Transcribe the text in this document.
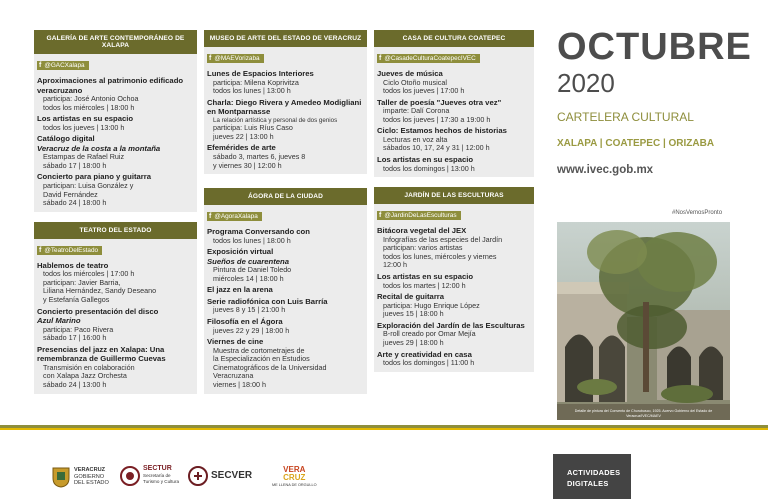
GALERÍA DE ARTE CONTEMPORÁNEO DE XALAPA
f @GACXalapa
Aproximaciones al patrimonio edificado veracruzano
participa: José Antonio Ochoa
todos los miércoles | 18:00 h
Los artistas en su espacio
todos los jueves | 13:00 h
Catálogo digital
Veracruz de la costa a la montaña
Estampas de Rafael Ruiz
sábado 17 | 18:00 h
Concierto para piano y guitarra
participan: Luisa González y
David Fernández
sábado 24 | 18:00 h
TEATRO DEL ESTADO
f @TeatroDelEstado
Hablemos de teatro
todos los miércoles | 17:00 h
participan: Javier Barria,
Liliana Hernández, Sandy Deseano
y Estefanía Gallegos
Concierto presentación del disco
Azul Marino
participa: Paco Rivera
sábado 17 | 16:00 h
Presencias del jazz en Xalapa: Una remembranza de Guillermo Cuevas
Transmisión en colaboración
con Xalapa Jazz Orchesta
sábado 24 | 13:00 h
MUSEO DE ARTE DEL ESTADO DE VERACRUZ
f @MAEVorizaba
Lunes de Espacios Interiores
participa: Milena Koprivitza
todos los lunes | 13:00 h
Charla: Diego Rivera y Amedeo Modigliani en Montparnasse
La relación artística y personal de dos genios
participa: Luis Ríus Caso
jueves 22 | 13:00 h
Efemérides de arte
sábado 3, martes 6, jueves 8
y viernes 30 | 12:00 h
ÁGORA DE LA CIUDAD
f @AgoraXalapa
Programa Conversando con
todos los lunes | 18:00 h
Exposición virtual
Sueños de cuarentena
Pintura de Daniel Toledo
miércoles 14 | 18:00 h
El jazz en la arena
Serie radiofónica con Luis Barría
jueves 8 y 15 | 21:00 h
Filosofía en el Ágora
jueves 22 y 29 | 18:00 h
Viernes de cine
Muestra de cortometrajes de
la Especialización en Estudios
Cinematográficos de la Universidad
Veracruzana
viernes | 18:00 h
CASA DE CULTURA COATEPEC
f @CasadeCulturaCoatepecIVEC
Jueves de música
Ciclo Otoño musical
todos los jueves | 17:00 h
Taller de poesía "Jueves otra vez"
imparte: Dalí Corona
todos los jueves | 17:30 a 19:00 h
Ciclo: Estamos hechos de historias
Lecturas en voz alta
sábados 10, 17, 24 y 31 | 12:00 h
Los artistas en su espacio
todos los domingos | 13:00 h
JARDÍN DE LAS ESCULTURAS
f @JardinDeLasEsculturas
Bitácora vegetal del JEX
Infografías de las especies del Jardín
participan: varios artistas
todos los lunes, miércoles y viernes
12:00 h
Los artistas en su espacio
todos los martes | 12:00 h
Recital de guitarra
participa: Hugo Enrique López
jueves 15 | 18:00 h
Exploración del Jardín de las Esculturas
B-roll creado por Omar Mejía
jueves 29 | 18:00 h
Arte y creatividad en casa
todos los domingos | 11:00 h
OCTUBRE
2020
CARTELERA CULTURAL
XALAPA | COATEPEC | ORIZABA
www.ivec.gob.mx
#NosVemosPronto
Detalle de pintura del Convento de Churubusco, 1925. Acervo Gobierno del Estado de Veracruz/IVEC/MAEV
VERACRUZ
GOBIERNO
DEL ESTADO
SECTUR
Secretaría de
Turismo y Cultura
SECVER
VERA
CRUZ
ME LLENA DE ORGULLO
ACTIVIDADES
DIGITALES
